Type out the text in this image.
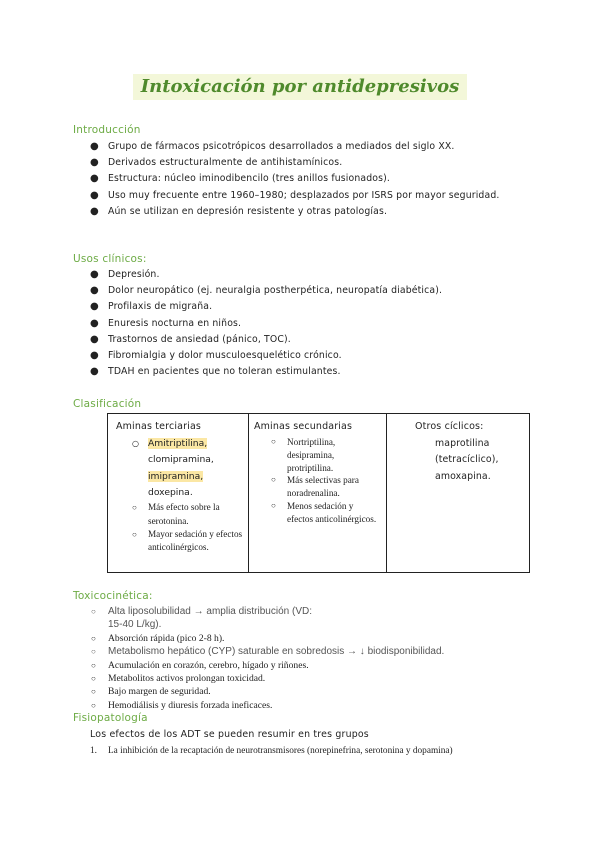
Intoxicación por antidepresivos
Introducción
● Grupo de fármacos psicotrópicos desarrollados a mediados del siglo XX.
● Derivados estructuralmente de antihistamínicos.
● Estructura: núcleo iminodibencilo (tres anillos fusionados).
● Uso muy frecuente entre 1960–1980; desplazados por ISRS por mayor seguridad.
● Aún se utilizan en depresión resistente y otras patologías.
Usos clínicos:
● Depresión.
● Dolor neuropático (ej. neuralgia postherpética, neuropatía diabética).
● Profilaxis de migraña.
● Enuresis nocturna en niños.
● Trastornos de ansiedad (pánico, TOC).
● Fibromialgia y dolor musculoesquelético crónico.
● TDAH en pacientes que no toleran estimulantes.
Clasificación
Aminas terciarias
○ Amitriptilina,
clomipramina,
imipramina,
doxepina.
○ Más efecto sobre la serotonina.
○ Mayor sedación y efectos anticolinérgicos.
Aminas secundarias
○ Nortriptilina, desipramina, protriptilina.
○ Más selectivas para noradrenalina.
○ Menos sedación y efectos anticolinérgicos.
Otros cíclicos:
maprotilina
(tetracíclico),
amoxapina.
Toxicocinética:
○ Alta liposolubilidad → amplia distribución (VD:
15-40 L/kg).
○ Absorción rápida (pico 2-8 h).
○ Metabolismo hepático (CYP) saturable en sobredosis → ↓ biodisponibilidad.
○ Acumulación en corazón, cerebro, hígado y riñones.
○ Metabolitos activos prolongan toxicidad.
○ Bajo margen de seguridad.
○ Hemodiálisis y diuresis forzada ineficaces.
Fisiopatología
Los efectos de los ADT se pueden resumir en tres grupos
1. La inhibición de la recaptación de neurotransmisores (norepinefrina, serotonina y dopamina)
